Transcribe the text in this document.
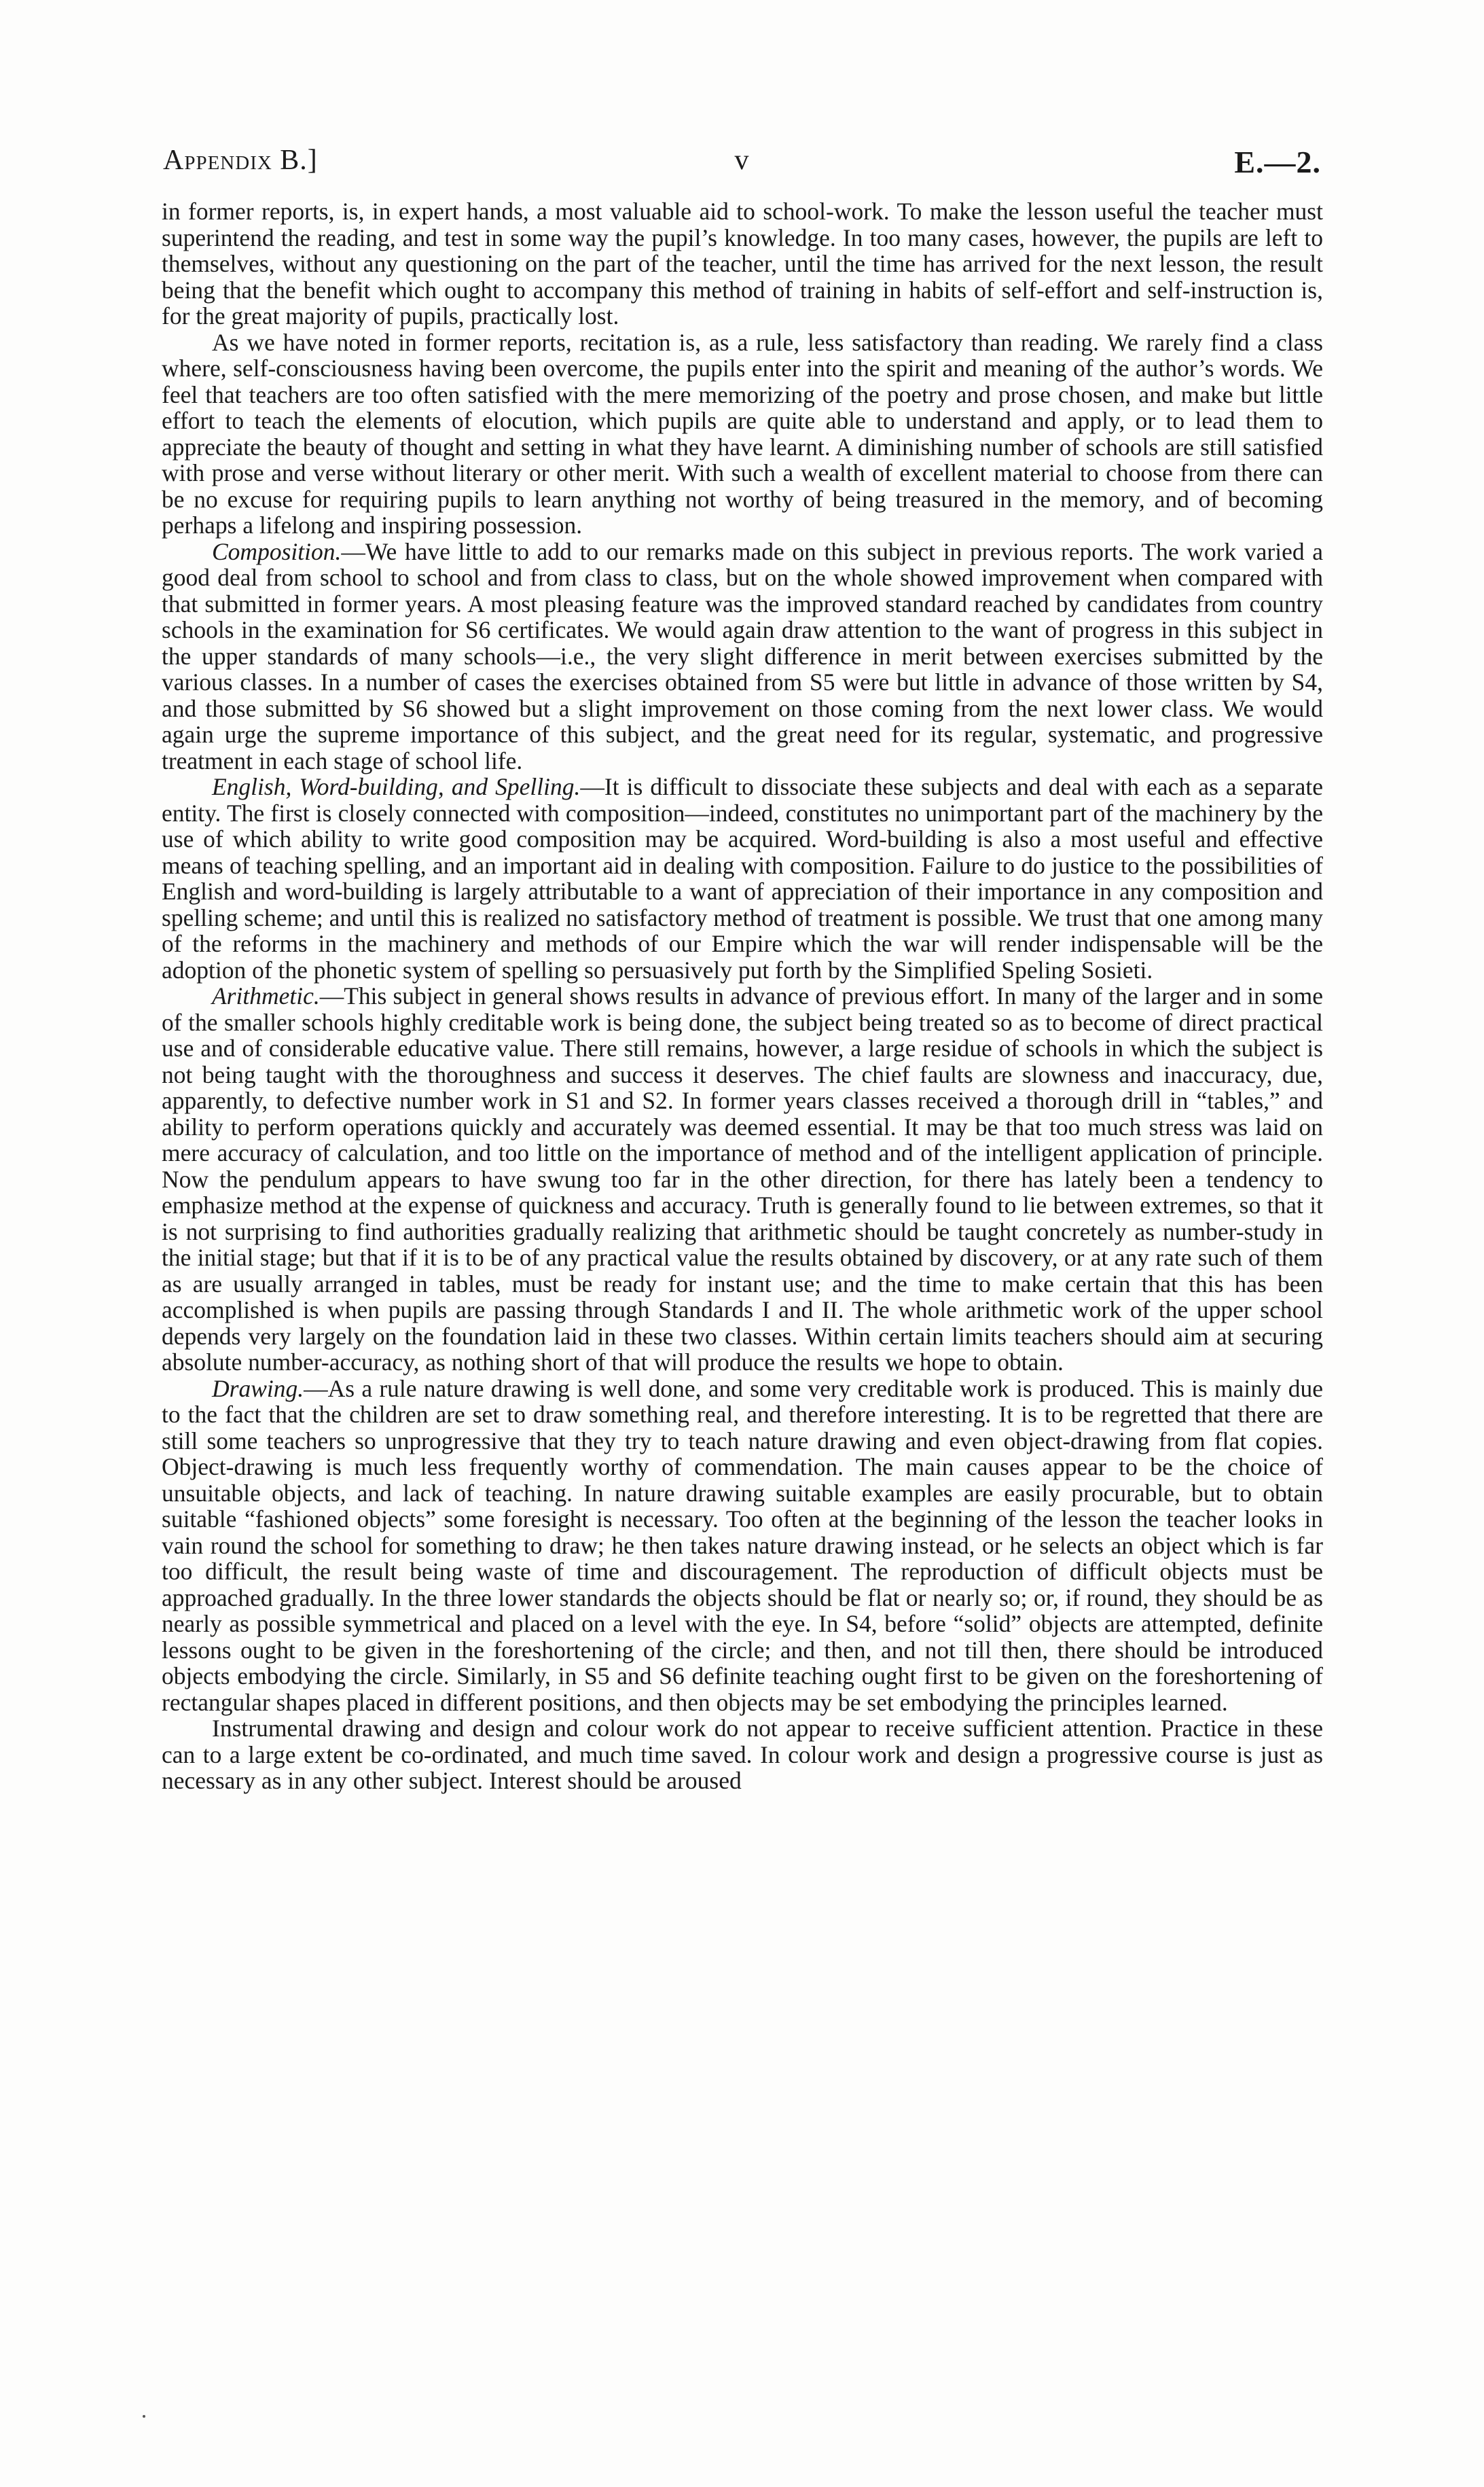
Appendix B.]	v	E.—2.

in former reports, is, in expert hands, a most valuable aid to school-work. To make the lesson useful the teacher must superintend the reading, and test in some way the pupil’s knowledge. In too many cases, however, the pupils are left to themselves, without any questioning on the part of the teacher, until the time has arrived for the next lesson, the result being that the benefit which ought to accompany this method of training in habits of self-effort and self-instruction is, for the great majority of pupils, practically lost.

As we have noted in former reports, recitation is, as a rule, less satisfactory than reading. We rarely find a class where, self-consciousness having been overcome, the pupils enter into the spirit and meaning of the author’s words. We feel that teachers are too often satisfied with the mere memorizing of the poetry and prose chosen, and make but little effort to teach the elements of elocution, which pupils are quite able to understand and apply, or to lead them to appreciate the beauty of thought and setting in what they have learnt. A diminishing number of schools are still satisfied with prose and verse without literary or other merit. With such a wealth of excellent material to choose from there can be no excuse for requiring pupils to learn anything not worthy of being treasured in the memory, and of becoming perhaps a lifelong and inspiring possession.

Composition.—We have little to add to our remarks made on this subject in previous reports. The work varied a good deal from school to school and from class to class, but on the whole showed improvement when compared with that submitted in former years. A most pleasing feature was the improved standard reached by candidates from country schools in the examination for S6 certificates. We would again draw attention to the want of progress in this subject in the upper standards of many schools—i.e., the very slight difference in merit between exercises submitted by the various classes. In a number of cases the exercises obtained from S5 were but little in advance of those written by S4, and those submitted by S6 showed but a slight improvement on those coming from the next lower class. We would again urge the supreme importance of this subject, and the great need for its regular, systematic, and progressive treatment in each stage of school life.

English, Word-building, and Spelling.—It is difficult to dissociate these subjects and deal with each as a separate entity. The first is closely connected with composition—indeed, constitutes no unimportant part of the machinery by the use of which ability to write good composition may be acquired. Word-building is also a most useful and effective means of teaching spelling, and an important aid in dealing with composition. Failure to do justice to the possibilities of English and word-building is largely attributable to a want of appreciation of their importance in any composition and spelling scheme; and until this is realized no satisfactory method of treatment is possible. We trust that one among many of the reforms in the machinery and methods of our Empire which the war will render indispensable will be the adoption of the phonetic system of spelling so persuasively put forth by the Simplified Speling Sosieti.

Arithmetic.—This subject in general shows results in advance of previous effort. In many of the larger and in some of the smaller schools highly creditable work is being done, the subject being treated so as to become of direct practical use and of considerable educative value. There still remains, however, a large residue of schools in which the subject is not being taught with the thoroughness and success it deserves. The chief faults are slowness and inaccuracy, due, apparently, to defective number work in S1 and S2. In former years classes received a thorough drill in “tables,” and ability to perform operations quickly and accurately was deemed essential. It may be that too much stress was laid on mere accuracy of calculation, and too little on the importance of method and of the intelligent application of principle. Now the pendulum appears to have swung too far in the other direction, for there has lately been a tendency to emphasize method at the expense of quickness and accuracy. Truth is generally found to lie between extremes, so that it is not surprising to find authorities gradually realizing that arithmetic should be taught concretely as number-study in the initial stage; but that if it is to be of any practical value the results obtained by discovery, or at any rate such of them as are usually arranged in tables, must be ready for instant use; and the time to make certain that this has been accomplished is when pupils are passing through Standards I and II. The whole arithmetic work of the upper school depends very largely on the foundation laid in these two classes. Within certain limits teachers should aim at securing absolute number-accuracy, as nothing short of that will produce the results we hope to obtain.

Drawing.—As a rule nature drawing is well done, and some very creditable work is produced. This is mainly due to the fact that the children are set to draw something real, and therefore interesting. It is to be regretted that there are still some teachers so unprogressive that they try to teach nature drawing and even object-drawing from flat copies. Object-drawing is much less frequently worthy of commendation. The main causes appear to be the choice of unsuitable objects, and lack of teaching. In nature drawing suitable examples are easily procurable, but to obtain suitable “fashioned objects” some foresight is necessary. Too often at the beginning of the lesson the teacher looks in vain round the school for something to draw; he then takes nature drawing instead, or he selects an object which is far too difficult, the result being waste of time and discouragement. The reproduction of difficult objects must be approached gradually. In the three lower standards the objects should be flat or nearly so; or, if round, they should be as nearly as possible symmetrical and placed on a level with the eye. In S4, before “solid” objects are attempted, definite lessons ought to be given in the foreshortening of the circle; and then, and not till then, there should be introduced objects embodying the circle. Similarly, in S5 and S6 definite teaching ought first to be given on the foreshortening of rectangular shapes placed in different positions, and then objects may be set embodying the principles learned.

Instrumental drawing and design and colour work do not appear to receive sufficient attention. Practice in these can to a large extent be co-ordinated, and much time saved. In colour work and design a progressive course is just as necessary as in any other subject. Interest should be aroused
